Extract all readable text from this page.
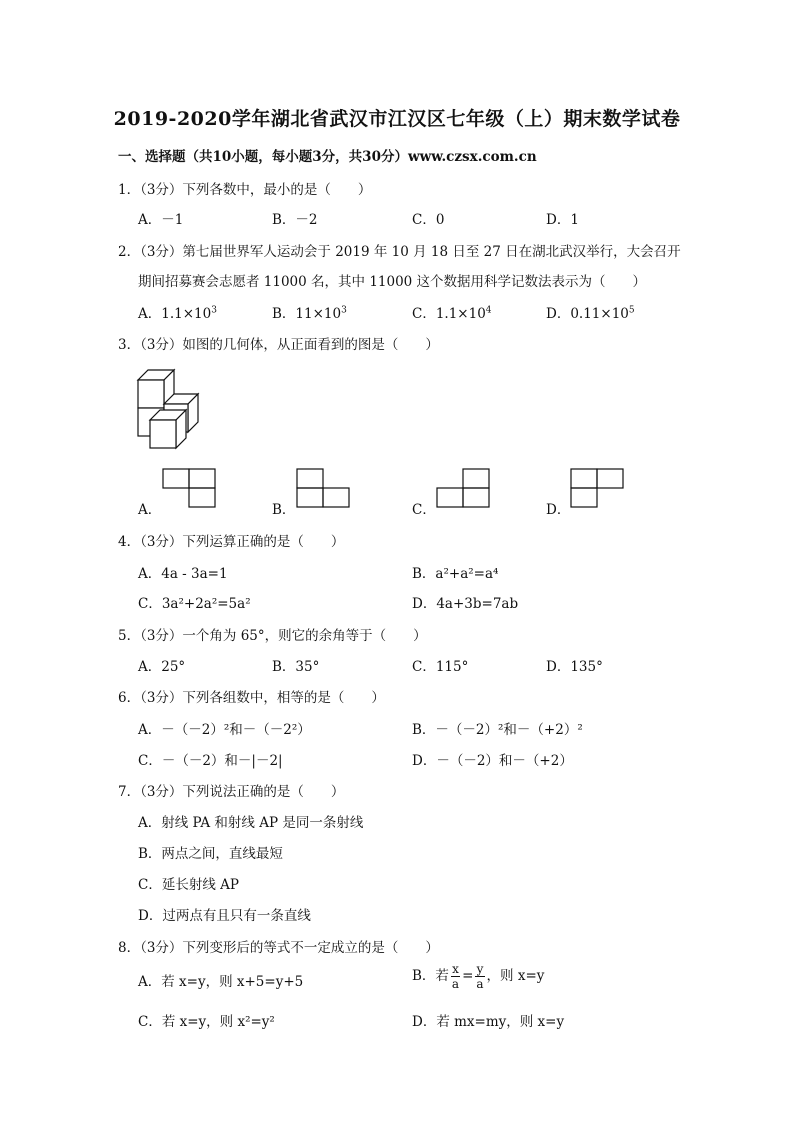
2019-2020学年湖北省武汉市江汉区七年级（上）期末数学试卷
一、选择题（共10小题，每小题3分，共30分）www.czsx.com.cn
1．（3分）下列各数中，最小的是（　　）
A．－1	B．－2	C．0	D．1
2．（3分）第七届世界军人运动会于 2019 年 10 月 18 日至 27 日在湖北武汉举行，大会召开
期间招募赛会志愿者 11000 名，其中 11000 这个数据用科学记数法表示为（　　）
A．$1.1\times 10^3$	B．$11\times 10^3$	C．$1.1\times 10^4$	D．$0.11\times 10^5$
3．（3分）如图的几何体，从正面看到的图是（　　）
A．	B．	C．	D．
4．（3分）下列运算正确的是（　　）
A．4a - 3a=1	B．a²+a²=a⁴
C．3a²+2a²=5a²	D．4a+3b=7ab
5．（3分）一个角为 65°，则它的余角等于（　　）
A．25°	B．35°	C．115°	D．135°
6．（3分）下列各组数中，相等的是（　　）
A．－（－2）²和－（－2²）	B．－（－2）²和－（+2）²
C．－（－2）和－|－2|	D．－（－2）和－（+2）
7．（3分）下列说法正确的是（　　）
A．射线 PA 和射线 AP 是同一条射线
B．两点之间，直线最短
C．延长射线 AP
D．过两点有且只有一条直线
8．（3分）下列变形后的等式不一定成立的是（　　）
A．若 x=y，则 x+5=y+5	B．若 $\frac{x}{a} = \frac{y}{a}$ ，则 x=y
C．若 x=y，则 x²=y²	D．若 mx=my，则 x=y
